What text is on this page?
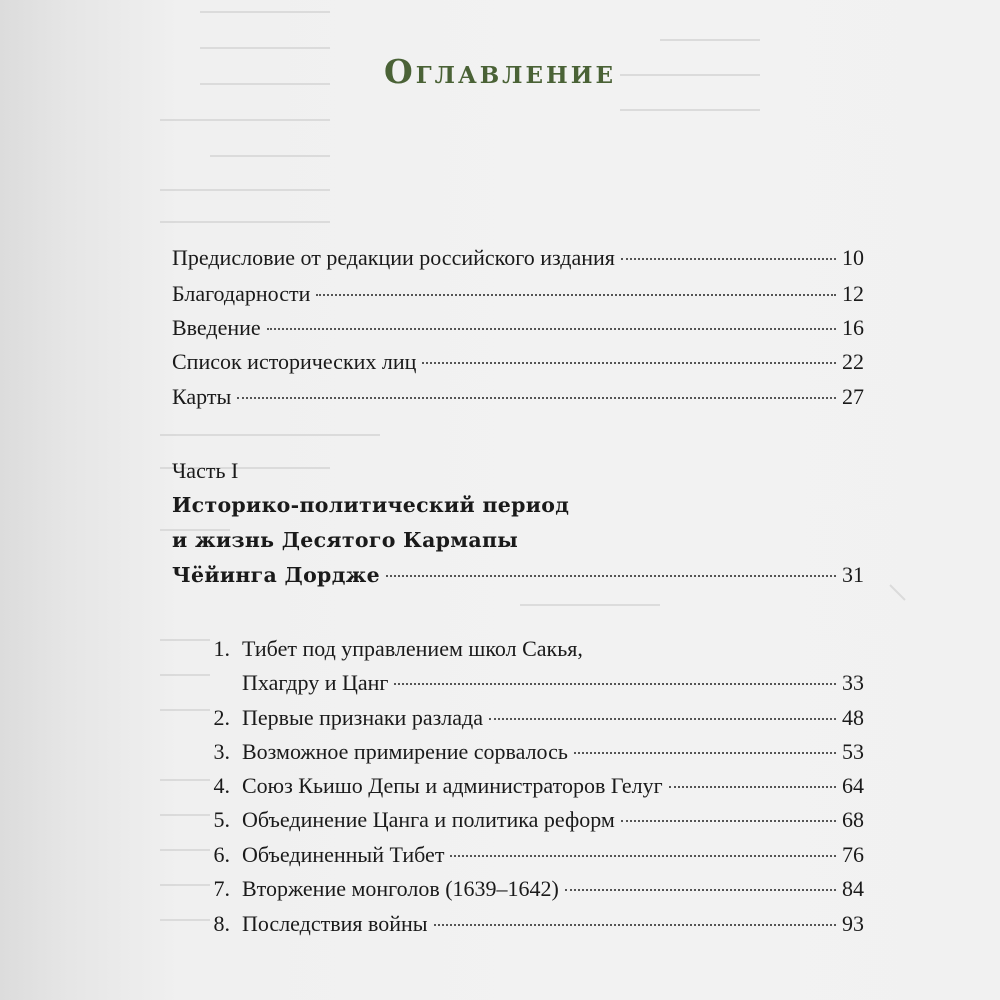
Оглавление
Предисловие от редакции российского издания	10
Благодарности	12
Введение	16
Список исторических лиц	22
Карты	27
Часть I
Историко-политический период
и жизнь Десятого Кармапы
Чёйинга Дордже	31
1. Тибет под управлением школ Сакья,
Пхагдру и Цанг	33
2. Первые признаки разлада	48
3. Возможное примирение сорвалось	53
4. Союз Кьишо Депы и администраторов Гелуг	64
5. Объединение Цанга и политика реформ	68
6. Объединенный Тибет	76
7. Вторжение монголов (1639–1642)	84
8. Последствия войны	93
